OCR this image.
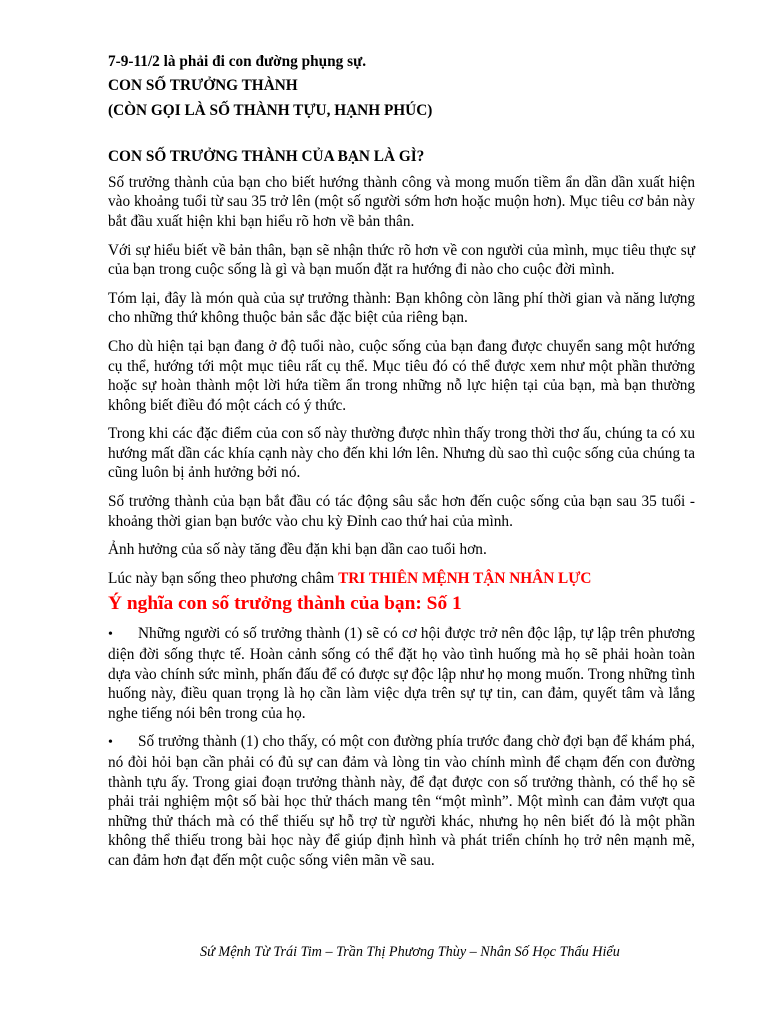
7-9-11/2 là phải đi con đường phụng sự.

CON SỐ TRƯỞNG THÀNH

(CÒN GỌI LÀ SỐ THÀNH TỰU, HẠNH PHÚC)

CON SỐ TRƯỞNG THÀNH CỦA BẠN LÀ GÌ?

Số trưởng thành của bạn cho biết hướng thành công và mong muốn tiềm ẩn dần dần xuất hiện vào khoảng tuổi từ sau 35 trở lên (một số người sớm hơn hoặc muộn hơn). Mục tiêu cơ bản này bắt đầu xuất hiện khi bạn hiểu rõ hơn về bản thân.

Với sự hiểu biết về bản thân, bạn sẽ nhận thức rõ hơn về con người của mình, mục tiêu thực sự của bạn trong cuộc sống là gì và bạn muốn đặt ra hướng đi nào cho cuộc đời mình.

Tóm lại, đây là món quà của sự trưởng thành: Bạn không còn lãng phí thời gian và năng lượng cho những thứ không thuộc bản sắc đặc biệt của riêng bạn.

Cho dù hiện tại bạn đang ở độ tuổi nào, cuộc sống của bạn đang được chuyển sang một hướng cụ thể, hướng tới một mục tiêu rất cụ thể. Mục tiêu đó có thể được xem như một phần thưởng hoặc sự hoàn thành một lời hứa tiềm ẩn trong những nỗ lực hiện tại của bạn, mà bạn thường không biết điều đó một cách có ý thức.

Trong khi các đặc điểm của con số này thường được nhìn thấy trong thời thơ ấu, chúng ta có xu hướng mất dần các khía cạnh này cho đến khi lớn lên. Nhưng dù sao thì cuộc sống của chúng ta cũng luôn bị ảnh hưởng bởi nó.

Số trưởng thành của bạn bắt đầu có tác động sâu sắc hơn đến cuộc sống của bạn sau 35 tuổi - khoảng thời gian bạn bước vào chu kỳ Đỉnh cao thứ hai của mình.

Ảnh hưởng của số này tăng đều đặn khi bạn dần cao tuổi hơn.

Lúc này bạn sống theo phương châm TRI THIÊN MỆNH TẬN NHÂN LỰC

Ý nghĩa con số trưởng thành của bạn: Số 1

• Những người có số trưởng thành (1) sẽ có cơ hội được trở nên độc lập, tự lập trên phương diện đời sống thực tế. Hoàn cảnh sống có thể đặt họ vào tình huống mà họ sẽ phải hoàn toàn dựa vào chính sức mình, phấn đấu để có được sự độc lập như họ mong muốn. Trong những tình huống này, điều quan trọng là họ cần làm việc dựa trên sự tự tin, can đảm, quyết tâm và lắng nghe tiếng nói bên trong của họ.

• Số trưởng thành (1) cho thấy, có một con đường phía trước đang chờ đợi bạn để khám phá, nó đòi hỏi bạn cần phải có đủ sự can đảm và lòng tin vào chính mình để chạm đến con đường thành tựu ấy. Trong giai đoạn trưởng thành này, để đạt được con số trưởng thành, có thể họ sẽ phải trải nghiệm một số bài học thử thách mang tên “một mình”. Một mình can đảm vượt qua những thử thách mà có thể thiếu sự hỗ trợ từ người khác, nhưng họ nên biết đó là một phần không thể thiếu trong bài học này để giúp định hình và phát triển chính họ trở nên mạnh mẽ, can đảm hơn đạt đến một cuộc sống viên mãn về sau.

Sứ Mệnh Từ Trái Tim – Trần Thị Phương Thùy – Nhân Số Học Thấu Hiểu
